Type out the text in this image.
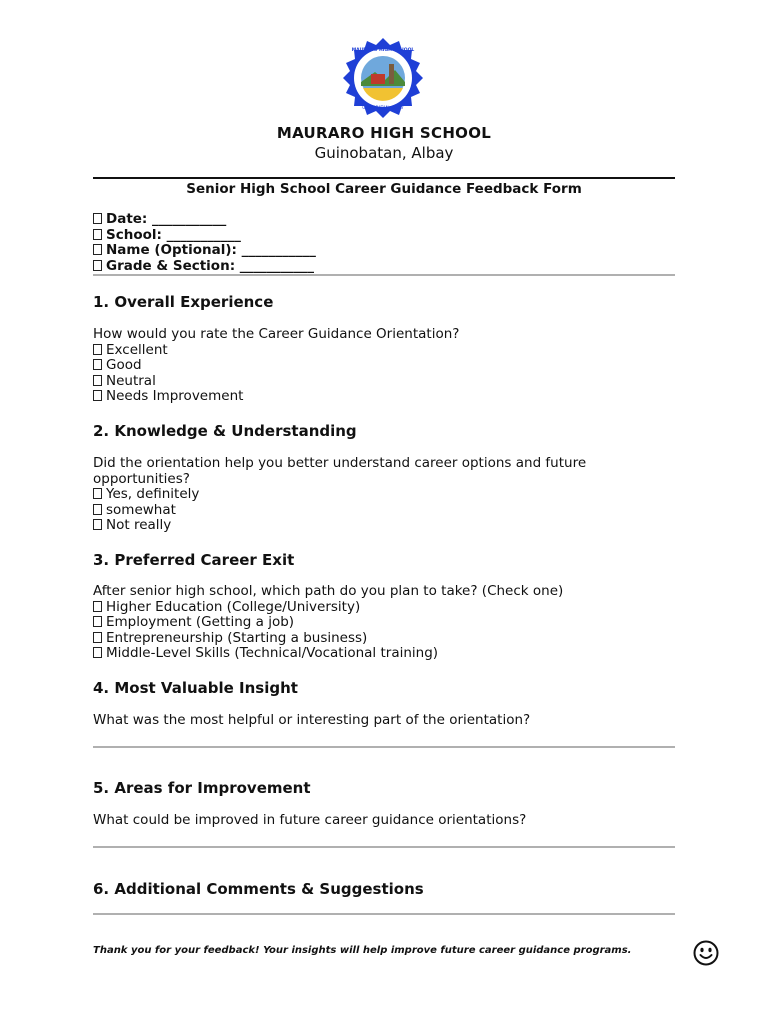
MAURARO HIGH SCHOOL
GUINOBATAN, ALBAY
MAURARO HIGH SCHOOL
Guinobatan, Albay
Senior High School Career Guidance Feedback Form
Date: ___________
School: ___________
Name (Optional): ___________
Grade & Section: ___________
1. Overall Experience

How would you rate the Career Guidance Orientation?

Excellent

Good

Neutral

Needs Improvement

2. Knowledge & Understanding

Did the orientation help you better understand career options and future opportunities?

Yes, definitely

somewhat

Not really

3. Preferred Career Exit

After senior high school, which path do you plan to take? (Check one)

Higher Education (College/University)

Employment (Getting a job)

Entrepreneurship (Starting a business)

Middle-Level Skills (Technical/Vocational training)

4. Most Valuable Insight

What was the most helpful or interesting part of the orientation?

5. Areas for Improvement

What could be improved in future career guidance orientations?

6. Additional Comments & Suggestions
Thank you for your feedback! Your insights will help improve future career guidance programs.
